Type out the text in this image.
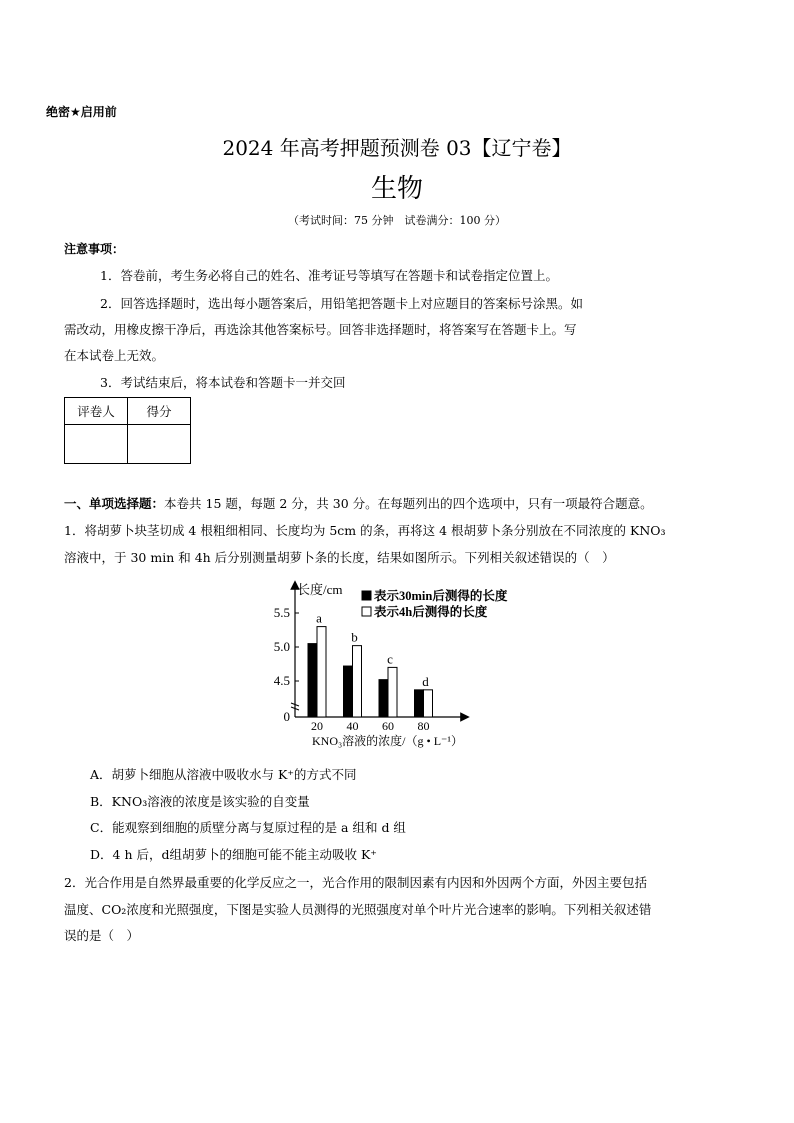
绝密★启用前
2024 年高考押题预测卷 03【辽宁卷】
生物
（考试时间：75 分钟　试卷满分：100 分）
注意事项：
1．答卷前，考生务必将自己的姓名、准考证号等填写在答题卡和试卷指定位置上。
2．回答选择题时，选出每小题答案后，用铅笔把答题卡上对应题目的答案标号涂黑。如
需改动，用橡皮擦干净后，再选涂其他答案标号。回答非选择题时，将答案写在答题卡上。写
在本试卷上无效。
3．考试结束后，将本试卷和答题卡一并交回
评卷人	得分

一、单项选择题：本卷共 15 题，每题 2 分，共 30 分。在每题列出的四个选项中，只有一项最符合题意。
1．将胡萝卜块茎切成 4 根粗细相同、长度均为 5cm 的条，再将这 4 根胡萝卜条分别放在不同浓度的 KNO₃
溶液中，于 30 min 和 4h 后分别测量胡萝卜条的长度，结果如图所示。下列相关叙述错误的（　）
长度/cm
KNO₃溶液的浓度/（g • L⁻¹）
5.5
5.0
4.5
0
20 40 60 80
a
b
c
d
表示30min后测得的长度
表示4h后测得的长度
A．胡萝卜细胞从溶液中吸收水与 K⁺的方式不同
B．KNO₃溶液的浓度是该实验的自变量
C．能观察到细胞的质壁分离与复原过程的是 a 组和 d 组
D．4 h 后，d组胡萝卜的细胞可能不能主动吸收 K⁺
2．光合作用是自然界最重要的化学反应之一，光合作用的限制因素有内因和外因两个方面，外因主要包括
温度、CO₂浓度和光照强度，下图是实验人员测得的光照强度对单个叶片光合速率的影响。下列相关叙述错
误的是（　）
